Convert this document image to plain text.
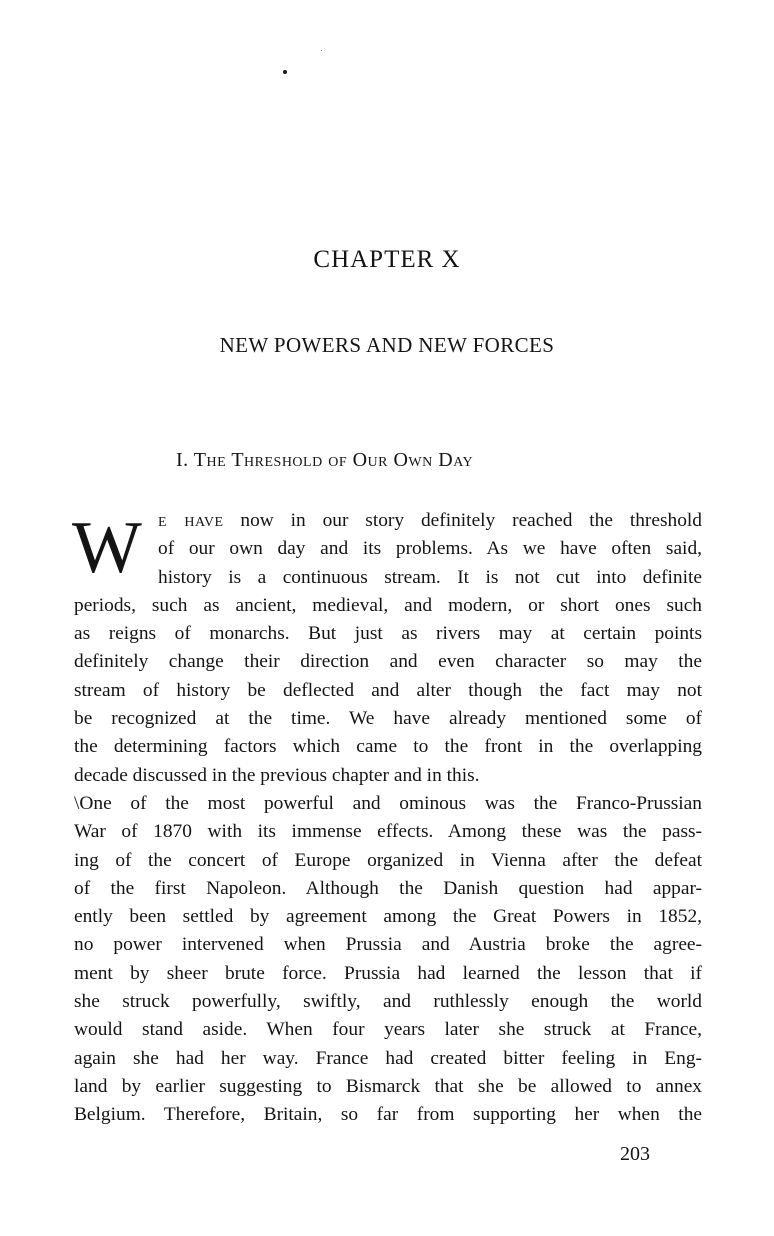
CHAPTER X
NEW POWERS AND NEW FORCES
I. The Threshold of Our Own Day
W e have now in our story definitely reached the threshold
of our own day and its problems. As we have often said,
history is a continuous stream. It is not cut into definite
periods, such as ancient, medieval, and modern, or short ones such
as reigns of monarchs. But just as rivers may at certain points
definitely change their direction and even character so may the
stream of history be deflected and alter though the fact may not
be recognized at the time. We have already mentioned some of
the determining factors which came to the front in the overlapping
decade discussed in the previous chapter and in this.
\One of the most powerful and ominous was the Franco-Prussian
War of 1870 with its immense effects. Among these was the pass-
ing of the concert of Europe organized in Vienna after the defeat
of the first Napoleon. Although the Danish question had appar-
ently been settled by agreement among the Great Powers in 1852,
no power intervened when Prussia and Austria broke the agree-
ment by sheer brute force. Prussia had learned the lesson that if
she struck powerfully, swiftly, and ruthlessly enough the world
would stand aside. When four years later she struck at France,
again she had her way. France had created bitter feeling in Eng-
land by earlier suggesting to Bismarck that she be allowed to annex
Belgium. Therefore, Britain, so far from supporting her when the
203
